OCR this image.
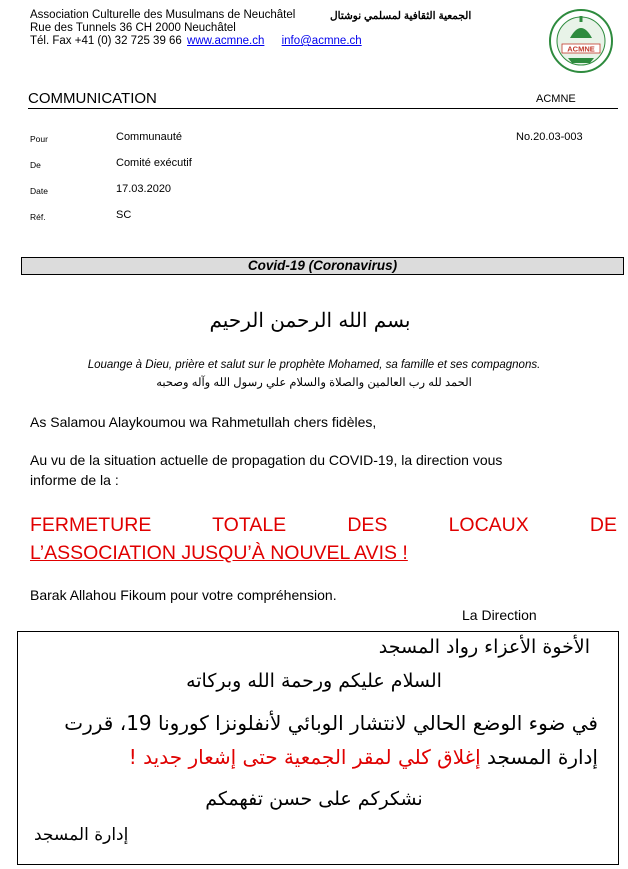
Association Culturelle des Musulmans de Neuchâtel
Rue des Tunnels 36 CH 2000 Neuchâtel
Tél. Fax +41 (0) 32 725 39 66 www.acmne.ch info@acmne.ch
الجمعية الثقافية لمسلمي نوشتال
ACMNE
COMMUNICATION	ACMNE
Pour	Communauté
De	Comité exécutif
Date	17.03.2020
Réf.	SC
No.20.03-003
Covid-19 (Coronavirus)
بسم الله الرحمن الرحيم
Louange à Dieu, prière et salut sur le prophète Mohamed, sa famille et ses compagnons.
الحمد لله رب العالمين والصلاة والسلام علي رسول الله وآله وصحبه
As Salamou Alaykoumou wa Rahmetullah chers fidèles,
Au vu de la situation actuelle de propagation du COVID-19, la direction vous
informe de la :
FERMETURE TOTALE DES LOCAUX DE
L’ASSOCIATION JUSQU’À NOUVEL AVIS !
Barak Allahou Fikoum pour votre compréhension.
La Direction
الأخوة الأعزاء رواد المسجد
السلام عليكم ورحمة الله وبركاته
في ضوء الوضع الحالي لانتشار الوبائي لأنفلونزا كورونا 19، قررت
إدارة المسجد إغلاق كلي لمقر الجمعية حتى إشعار جديد !
نشكركم على حسن تفهمكم
إدارة المسجد
